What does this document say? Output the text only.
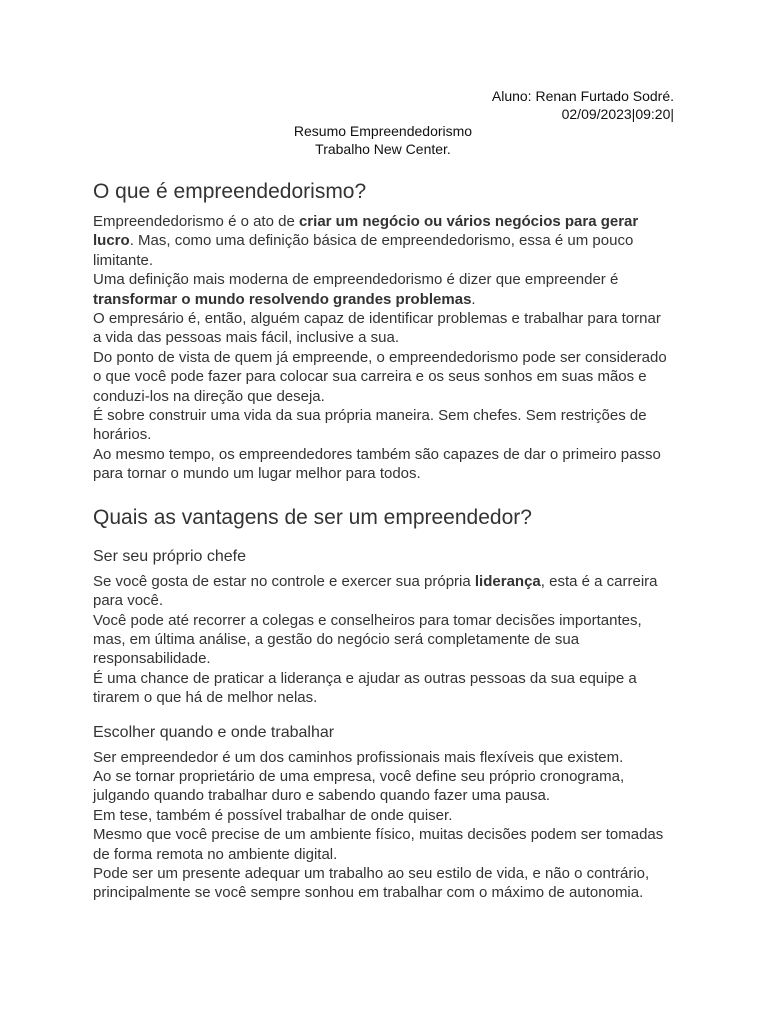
Aluno: Renan Furtado Sodré.
02/09/2023|09:20|
Resumo Empreendedorismo
Trabalho New Center.
O que é empreendedorismo?

Empreendedorismo é o ato de criar um negócio ou vários negócios para gerar lucro. Mas, como uma definição básica de empreendedorismo, essa é um pouco limitante.

Uma definição mais moderna de empreendedorismo é dizer que empreender é transformar o mundo resolvendo grandes problemas.

O empresário é, então, alguém capaz de identificar problemas e trabalhar para tornar a vida das pessoas mais fácil, inclusive a sua.

Do ponto de vista de quem já empreende, o empreendedorismo pode ser considerado o que você pode fazer para colocar sua carreira e os seus sonhos em suas mãos e conduzi-los na direção que deseja.

É sobre construir uma vida da sua própria maneira. Sem chefes. Sem restrições de horários.

Ao mesmo tempo, os empreendedores também são capazes de dar o primeiro passo para tornar o mundo um lugar melhor para todos.

Quais as vantagens de ser um empreendedor?
Ser seu próprio chefe

Se você gosta de estar no controle e exercer sua própria liderança, esta é a carreira para você.

Você pode até recorrer a colegas e conselheiros para tomar decisões importantes, mas, em última análise, a gestão do negócio será completamente de sua responsabilidade.

É uma chance de praticar a liderança e ajudar as outras pessoas da sua equipe a tirarem o que há de melhor nelas.

Escolher quando e onde trabalhar

Ser empreendedor é um dos caminhos profissionais mais flexíveis que existem.

Ao se tornar proprietário de uma empresa, você define seu próprio cronograma, julgando quando trabalhar duro e sabendo quando fazer uma pausa.

Em tese, também é possível trabalhar de onde quiser.

Mesmo que você precise de um ambiente físico, muitas decisões podem ser tomadas de forma remota no ambiente digital.

Pode ser um presente adequar um trabalho ao seu estilo de vida, e não o contrário, principalmente se você sempre sonhou em trabalhar com o máximo de autonomia.
